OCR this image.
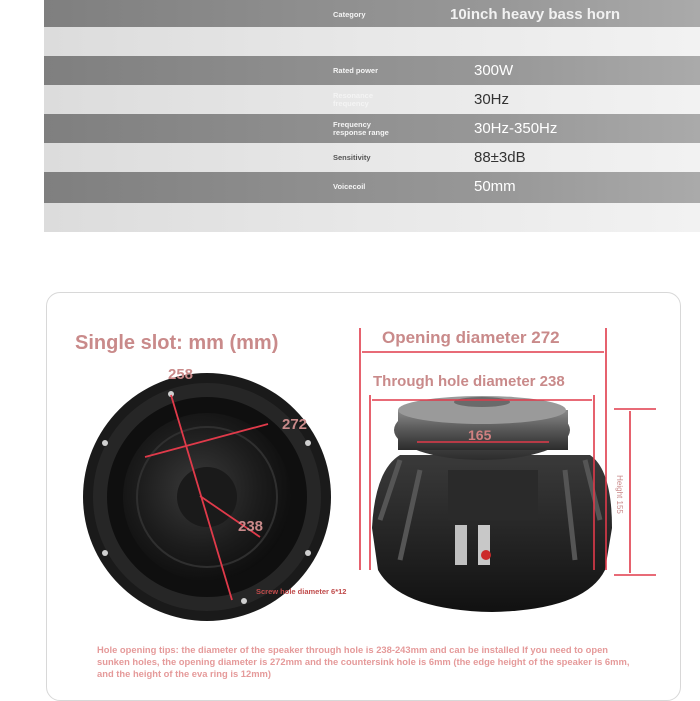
Category	10inch heavy bass horn
Rated power	300W
Resonance
frequency	30Hz
Frequency
response range	30Hz-350Hz
Sensitivity	88±3dB
Voicecoil	50mm
Single slot: mm (mm)
258
272
238
Screw hole diameter 6*12
Opening diameter 272
Through hole diameter 238
165
Height 155
Hole opening tips: the diameter of the speaker through hole is 238-243mm and can be installed If you need to open sunken holes, the opening diameter is 272mm and the countersink hole is 6mm (the edge height of the speaker is 6mm, and the height of the eva ring is 12mm)
